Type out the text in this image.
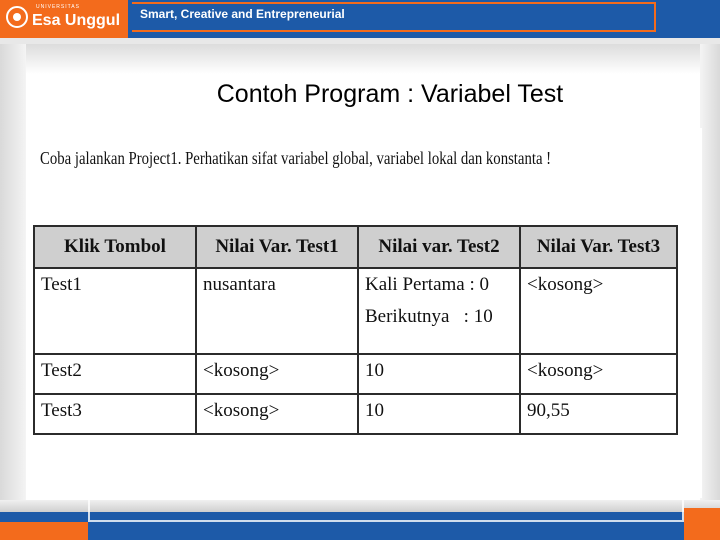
UNIVERSITAS
Esa Unggul Smart, Creative and Entrepreneurial
Contoh Program : Variabel Test
Coba jalankan Project1. Perhatikan sifat variabel global, variabel lokal dan konstanta !
Klik Tombol	Nilai Var. Test1	Nilai var. Test2	Nilai Var. Test3
Test1	nusantara	Kali Pertama : 0
Berikutnya   : 10	<kosong>
Test2	<kosong>	10	<kosong>
Test3	<kosong>	10	90,55
